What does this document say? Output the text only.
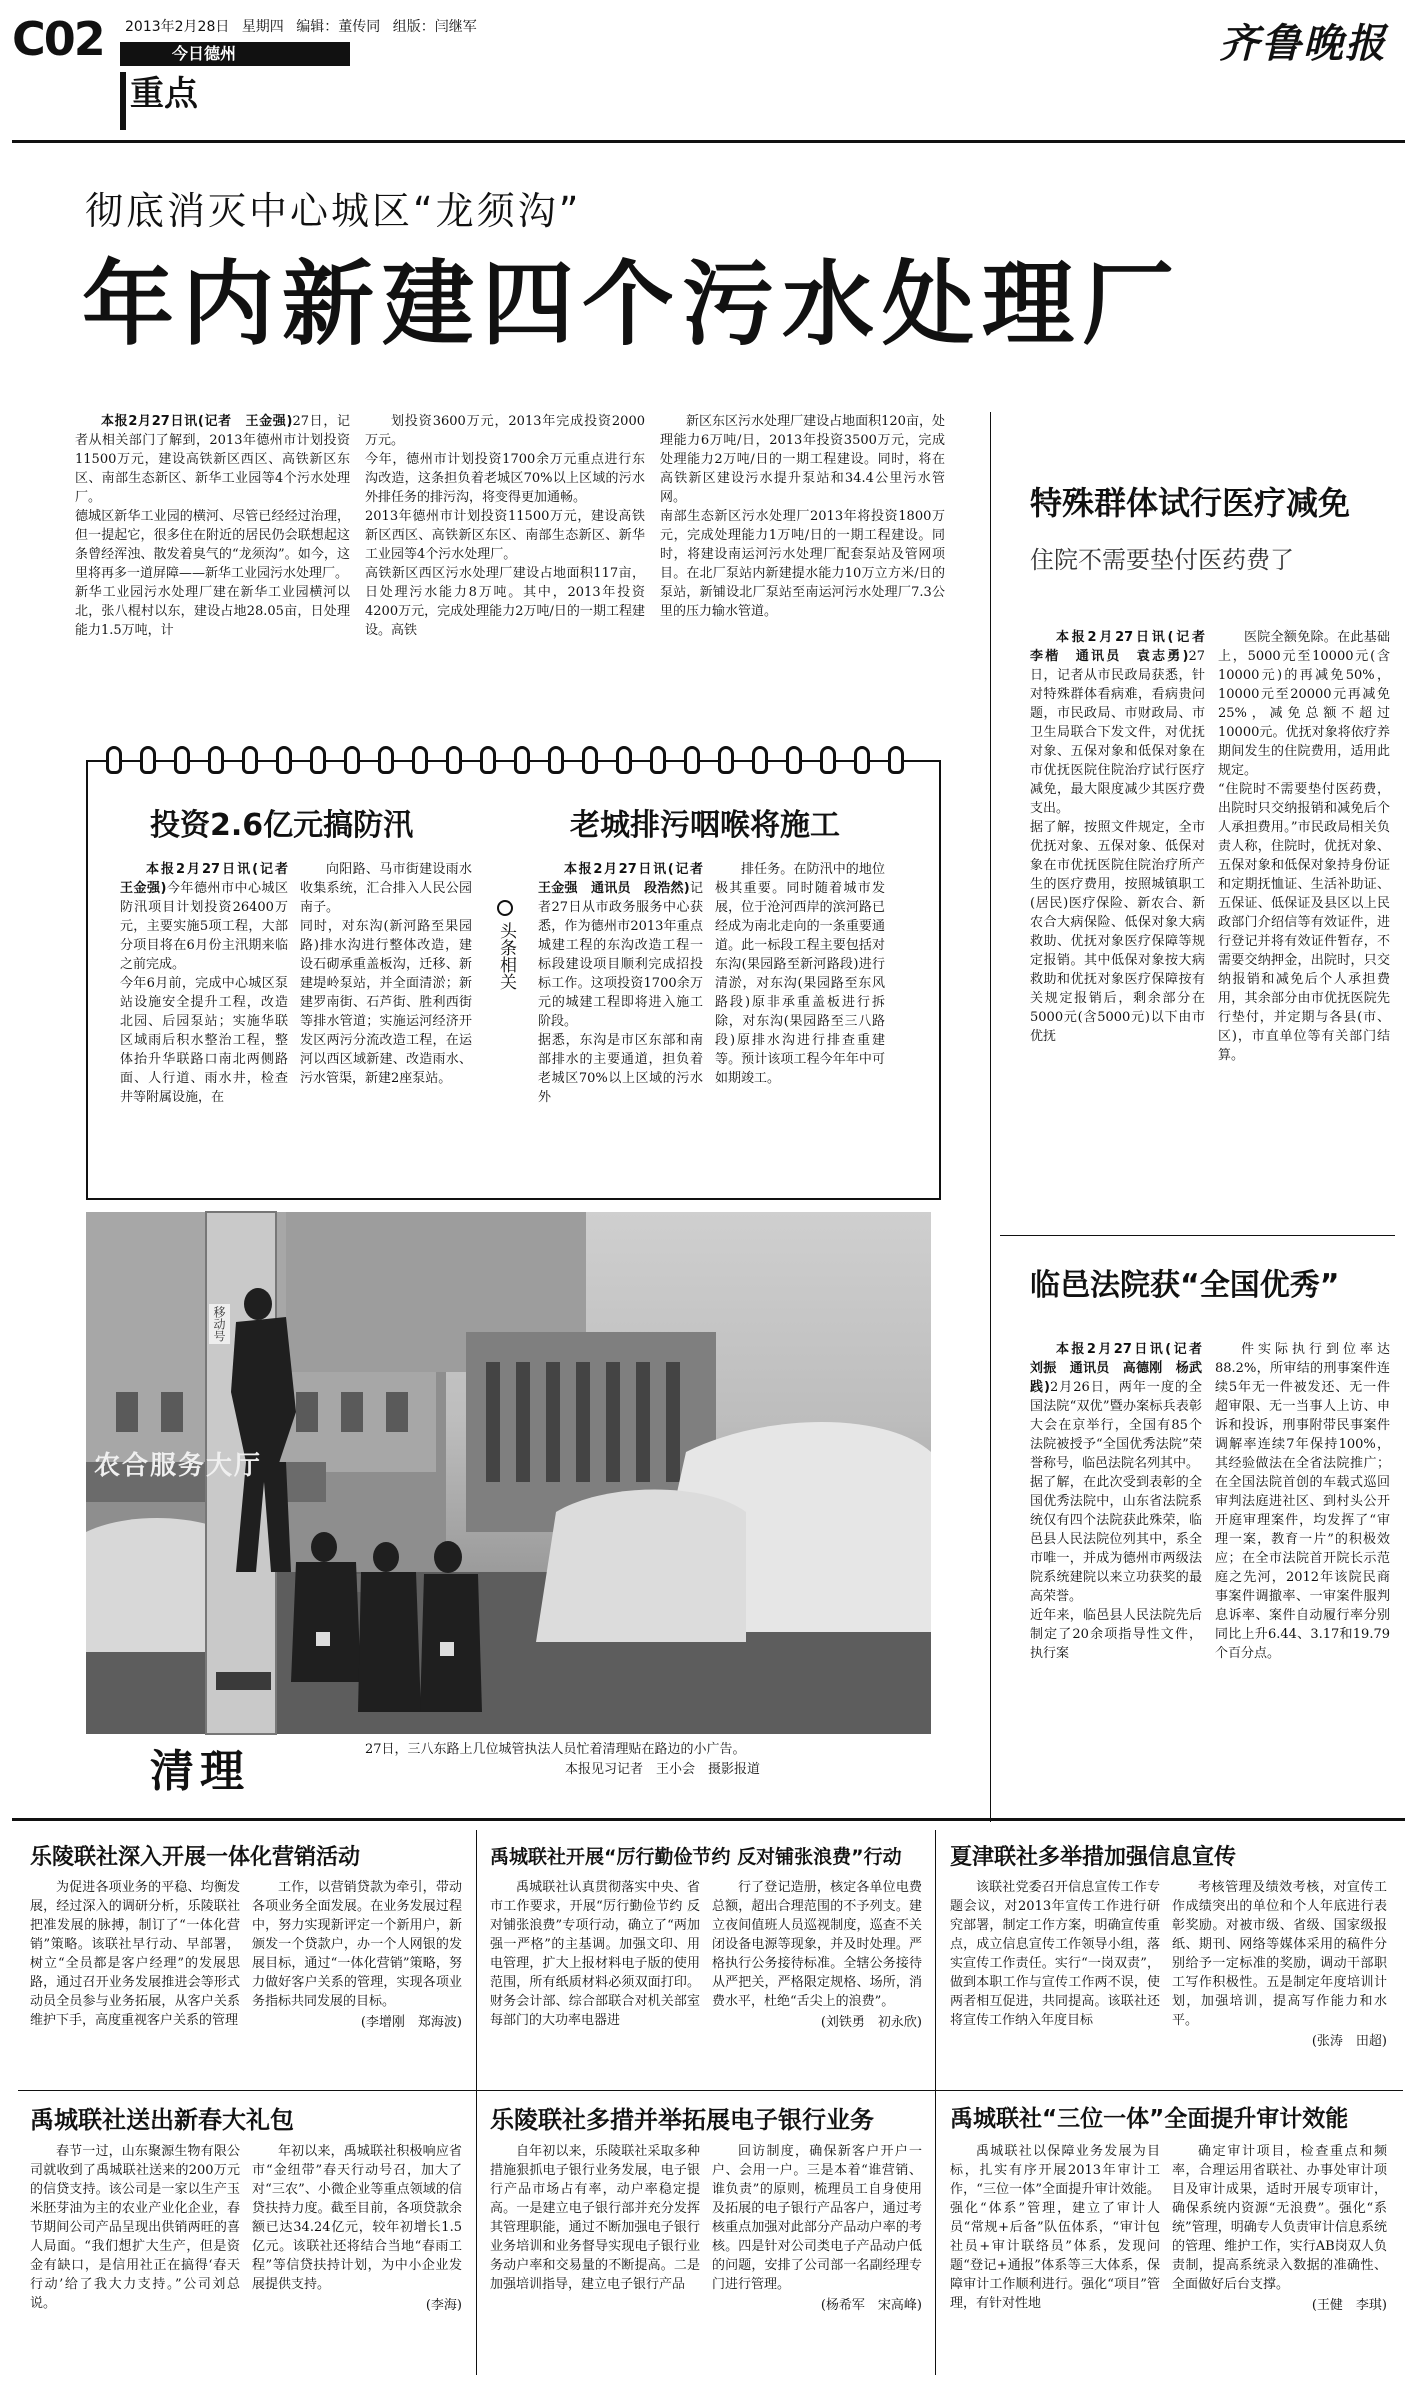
C02 2013年2月28日 星期四 编辑：董传同 组版：闫继军
今日德州
重点
齐鲁晚报
彻底消灭中心城区“龙须沟”
年内新建四个污水处理厂

本报2月27日讯(记者　王金强)27日，记者从相关部门了解到，2013年德州市计划投资11500万元，建设高铁新区西区、高铁新区东区、南部生态新区、新华工业园等4个污水处理厂。
德城区新华工业园的横河、尽管已经经过治理，但一提起它，很多住在附近的居民仍会联想起这条曾经浑浊、散发着臭气的“龙须沟”。如今，这里将再多一道屏障——新华工业园污水处理厂。
新华工业园污水处理厂建在新华工业园横河以北，张八棍村以东，建设占地28.05亩，日处理能力1.5万吨，计

划投资3600万元，2013年完成投资2000万元。
今年，德州市计划投资1700余万元重点进行东沟改造，这条担负着老城区70%以上区域的污水外排任务的排污沟，将变得更加通畅。
2013年德州市计划投资11500万元，建设高铁新区西区、高铁新区东区、南部生态新区、新华工业园等4个污水处理厂。
高铁新区西区污水处理厂建设占地面积117亩，日处理污水能力8万吨。其中，2013年投资4200万元，完成处理能力2万吨/日的一期工程建设。高铁

新区东区污水处理厂建设占地面积120亩，处理能力6万吨/日，2013年投资3500万元，完成处理能力2万吨/日的一期工程建设。同时，将在高铁新区建设污水提升泵站和34.4公里污水管网。
南部生态新区污水处理厂2013年将投资1800万元，完成处理能力1万吨/日的一期工程建设。同时，将建设南运河污水处理厂配套泵站及管网项目。在北厂泵站内新建提水能力10万立方米/日的泵站，新铺设北厂泵站至南运河污水处理厂7.3公里的压力输水管道。

特殊群体试行医疗减免
住院不需要垫付医药费了

本报2月27日讯(记者　李楷　通讯员　袁志勇)27日，记者从市民政局获悉，针对特殊群体看病难，看病贵问题，市民政局、市财政局、市卫生局联合下发文件，对优抚对象、五保对象和低保对象在市优抚医院住院治疗试行医疗减免，最大限度减少其医疗费支出。
据了解，按照文件规定，全市优抚对象、五保对象、低保对象在市优抚医院住院治疗所产生的医疗费用，按照城镇职工(居民)医疗保险、新农合、新农合大病保险、低保对象大病救助、优抚对象医疗保障等规定报销。其中低保对象按大病救助和优抚对象医疗保障按有关规定报销后，剩余部分在5000元(含5000元)以下由市优抚

医院全额免除。在此基础上，5000元至10000元(含10000元)的再减免50%，10000元至20000元再减免25%，减免总额不超过10000元。优抚对象将依疗养期间发生的住院费用，适用此规定。
“住院时不需要垫付医药费，出院时只交纳报销和减免后个人承担费用。”市民政局相关负责人称，住院时，优抚对象、五保对象和低保对象持身份证和定期抚恤证、生活补助证、五保证、低保证及县区以上民政部门介绍信等有效证件，进行登记并将有效证件暂存，不需要交纳押金，出院时，只交纳报销和减免后个人承担费用，其余部分由市优抚医院先行垫付，并定期与各县(市、区)，市直单位等有关部门结算。

投资2.6亿元搞防汛

本报2月27日讯(记者　王金强)今年德州市中心城区防汛项目计划投资26400万元，主要实施5项工程，大部分项目将在6月份主汛期来临之前完成。
今年6月前，完成中心城区泵站设施安全提升工程，改造北园、后园泵站；实施华联区域雨后积水整治工程，整体抬升华联路口南北两侧路面、人行道、雨水井，检查井等附属设施，在

向阳路、马市街建设雨水收集系统，汇合排入人民公园南子。
同时，对东沟(新河路至果园路)排水沟进行整体改造，建设石砌承重盖板沟，迁移、新建堤岭泵站，并全面清淤；新建罗南街、石芦街、胜利西街等排水管道；实施运河经济开发区两污分流改造工程，在运河以西区域新建、改造雨水、污水管渠，新建2座泵站。

头条相关
老城排污咽喉将施工

本报2月27日讯(记者　王金强　通讯员　段浩然)记者27日从市政务服务中心获悉，作为德州市2013年重点城建工程的东沟改造工程一标段建设项目顺利完成招投标工作。这项投资1700余万元的城建工程即将进入施工阶段。
据悉，东沟是市区东部和南部排水的主要通道，担负着老城区70%以上区域的污水外

排任务。在防汛中的地位极其重要。同时随着城市发展，位于沧河西岸的滨河路已经成为南北走向的一条重要通道。此一标段工程主要包括对东沟(果园路至新河路段)进行清淤，对东沟(果园路至东风路段)原非承重盖板进行拆除，对东沟(果园路至三八路段)原排水沟进行排查重建等。预计该项工程今年年中可如期竣工。

农合服务大厅
移动号
清理	27日，三八东路上几位城管执法人员忙着清理贴在路边的小广告。
本报见习记者　王小会　摄影报道
临邑法院获“全国优秀”

本报2月27日讯(记者　刘振　通讯员　高德刚　杨武践)2月26日，两年一度的全国法院“双优”暨办案标兵表彰大会在京举行，全国有85个法院被授予“全国优秀法院”荣誉称号，临邑法院名列其中。
据了解，在此次受到表彰的全国优秀法院中，山东省法院系统仅有四个法院获此殊荣，临邑县人民法院位列其中，系全市唯一，并成为德州市两级法院系统建院以来立功获奖的最高荣誉。
近年来，临邑县人民法院先后制定了20余项指导性文件，执行案

件实际执行到位率达88.2%，所审结的刑事案件连续5年无一件被发还、无一件超审限、无一当事人上访、申诉和投诉，刑事附带民事案件调解率连续7年保持100%，其经验做法在全省法院推广；在全国法院首创的车载式巡回审判法庭进社区、到村头公开开庭审理案件，均发挥了“审理一案，教育一片”的积极效应；在全市法院首开院长示范庭之先河，2012年该院民商事案件调撤率、一审案件服判息诉率、案件自动履行率分别同比上升6.44、3.17和19.79个百分点。

乐陵联社深入开展一体化营销活动

为促进各项业务的平稳、均衡发展，经过深入的调研分析，乐陵联社把准发展的脉搏，制订了“一体化营销”策略。该联社早行动、早部署，树立“全员都是客户经理”的发展思路，通过召开业务发展推进会等形式动员全员参与业务拓展，从客户关系维护下手，高度重视客户关系的管理

工作，以营销贷款为牵引，带动各项业务全面发展。在业务发展过程中，努力实现新评定一个新用户，新颁发一个贷款户，办一个人网银的发展目标，通过“一体化营销”策略，努力做好客户关系的管理，实现各项业务指标共同发展的目标。

(李增刚　郑海波)
禹城联社开展“厉行勤俭节约 反对铺张浪费”行动

禹城联社认真贯彻落实中央、省市工作要求，开展“厉行勤俭节约 反对铺张浪费”专项行动，确立了“两加强一严格”的主基调。加强文印、用电管理，扩大上报材料电子版的使用范围，所有纸质材料必须双面打印。财务会计部、综合部联合对机关部室每部门的大功率电器进

行了登记造册，核定各单位电费总额，超出合理范围的不予列支。建立夜间值班人员巡视制度，巡查不关闭设备电源等现象，并及时处理。严格执行公务接待标准。全辖公务接待从严把关，严格限定规格、场所，消费水平，杜绝“舌尖上的浪费”。

(刘铁勇　初永欣)
夏津联社多举措加强信息宣传

该联社党委召开信息宣传工作专题会议，对2013年宣传工作进行研究部署，制定工作方案，明确宣传重点，成立信息宣传工作领导小组，落实宣传工作责任。实行“一岗双责”，做到本职工作与宣传工作两不误，使两者相互促进，共同提高。该联社还将宣传工作纳入年度目标

考核管理及绩效考核，对宣传工作成绩突出的单位和个人年底进行表彰奖励。对被市级、省级、国家级报纸、期刊、网络等媒体采用的稿件分别给予一定标准的奖励，调动干部职工写作积极性。五是制定年度培训计划，加强培训，提高写作能力和水平。

(张涛　田超)
禹城联社送出新春大礼包

春节一过，山东聚源生物有限公司就收到了禹城联社送来的200万元的信贷支持。该公司是一家以生产玉米胚芽油为主的农业产业化企业，春节期间公司产品呈现出供销两旺的喜人局面。“我们想扩大生产，但是资金有缺口，是信用社正在搞得‘春天行动’给了我大力支持。”公司刘总说。

年初以来，禹城联社积极响应省市“金纽带”春天行动号召，加大了对“三农”、小微企业等重点领域的信贷扶持力度。截至目前，各项贷款余额已达34.24亿元，较年初增长1.5亿元。该联社还将结合当地“春雨工程”等信贷扶持计划，为中小企业发展提供支持。

(李海)
乐陵联社多措并举拓展电子银行业务

自年初以来，乐陵联社采取多种措施狠抓电子银行业务发展，电子银行产品市场占有率，动户率稳定提高。一是建立电子银行部并充分发挥其管理职能，通过不断加强电子银行业务培训和业务督导实现电子银行业务动户率和交易量的不断提高。二是加强培训指导，建立电子银行产品

回访制度，确保新客户开户一户、会用一户。三是本着“谁营销、谁负责”的原则，梳理员工自身使用及拓展的电子银行产品客户，通过考核重点加强对此部分产品动户率的考核。四是针对公司类电子产品动户低的问题，安排了公司部一名副经理专门进行管理。

(杨希军　宋高峰)
禹城联社“三位一体”全面提升审计效能

禹城联社以保障业务发展为目标，扎实有序开展2013年审计工作，“三位一体”全面提升审计效能。强化“体系”管理，建立了审计人员“常规+后备”队伍体系，“审计包社员+审计联络员”体系，发现问题“登记+通报”体系等三大体系，保障审计工作顺利进行。强化“项目”管理，有针对性地

确定审计项目，检查重点和频率，合理运用省联社、办事处审计项目及审计成果，适时开展专项审计，确保系统内资源“无浪费”。强化“系统”管理，明确专人负责审计信息系统的管理、维护工作，实行AB岗双人负责制，提高系统录入数据的准确性、全面做好后台支撑。

(王健　李琪)
